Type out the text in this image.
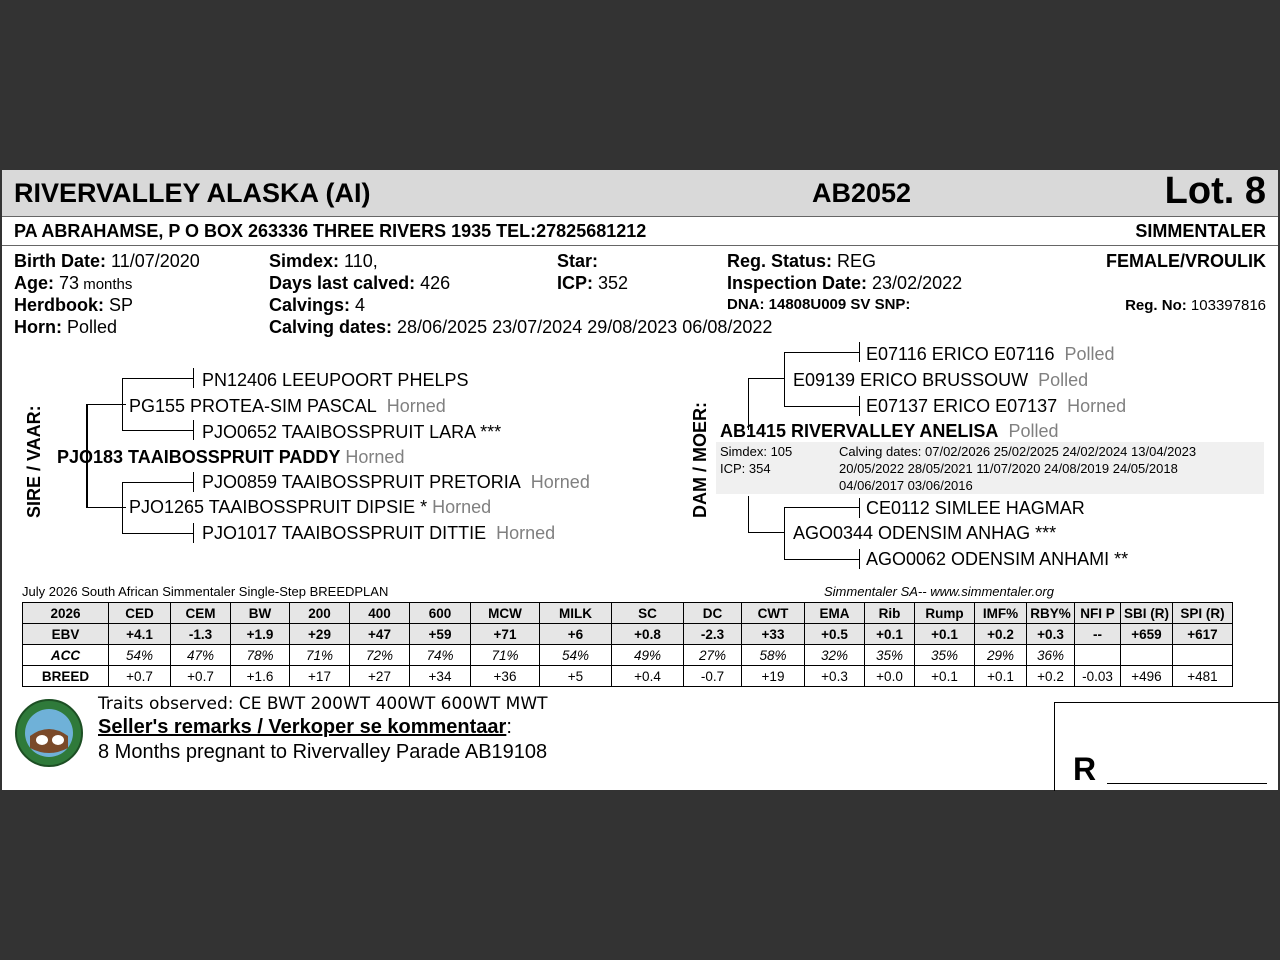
RIVERVALLEY ALASKA (AI)	AB2052	Lot. 8
PA ABRAHAMSE, P O BOX 263336 THREE RIVERS 1935 TEL:27825681212	SIMMENTALER
Birth Date: 11/07/2020
Age: 73 months
Herdbook: SP
Horn: Polled
Simdex: 110,
Days last calved: 426
Calvings: 4
Calving dates: 28/06/2025 23/07/2024 29/08/2023 06/08/2022
Star:
ICP: 352
Reg. Status: REG
Inspection Date: 23/02/2022
DNA: 14808U009 SV SNP:
FEMALE/VROULIK
Reg. No: 103397816
SIRE / VAAR:
PN12406 LEEUPOORT PHELPS
PG155 PROTEA-SIM PASCAL Horned
PJO0652 TAAIBOSSPRUIT LARA ***
PJO183 TAAIBOSSPRUIT PADDY Horned
PJO0859 TAAIBOSSPRUIT PRETORIA Horned
PJO1265 TAAIBOSSPRUIT DIPSIE * Horned
PJO1017 TAAIBOSSPRUIT DITTIE Horned
DAM / MOER:
E07116 ERICO E07116 Polled
E09139 ERICO BRUSSOUW Polled
E07137 ERICO E07137 Horned
AB1415 RIVERVALLEY ANELISA Polled
Simdex: 105
ICP: 354
Calving dates: 07/02/2026 25/02/2025 24/02/2024 13/04/2023
20/05/2022 28/05/2021 11/07/2020 24/08/2019 24/05/2018
04/06/2017 03/06/2016
CE0112 SIMLEE HAGMAR
AGO0344 ODENSIM ANHAG ***
AGO0062 ODENSIM ANHAMI **
July 2026 South African Simmentaler Single-Step BREEDPLAN	Simmentaler SA-- www.simmentaler.org
2026	CED	CEM	BW	200	400	600	MCW	MILK	SC	DC	CWT	EMA	Rib	Rump	IMF%	RBY%	NFI P	SBI (R)	SPI (R)
EBV	+4.1	-1.3	+1.9	+29	+47	+59	+71	+6	+0.8	-2.3	+33	+0.5	+0.1	+0.1	+0.2	+0.3	--	+659	+617
ACC	54%	47%	78%	71%	72%	74%	71%	54%	49%	27%	58%	32%	35%	35%	29%	36%			
BREED	+0.7	+0.7	+1.6	+17	+27	+34	+36	+5	+0.4	-0.7	+19	+0.3	+0.0	+0.1	+0.1	+0.2	-0.03	+496	+481
Traits observed: CE BWT 200WT 400WT 600WT MWT
Seller's remarks / Verkoper se kommentaar:
8 Months pregnant to Rivervalley Parade AB19108	R
